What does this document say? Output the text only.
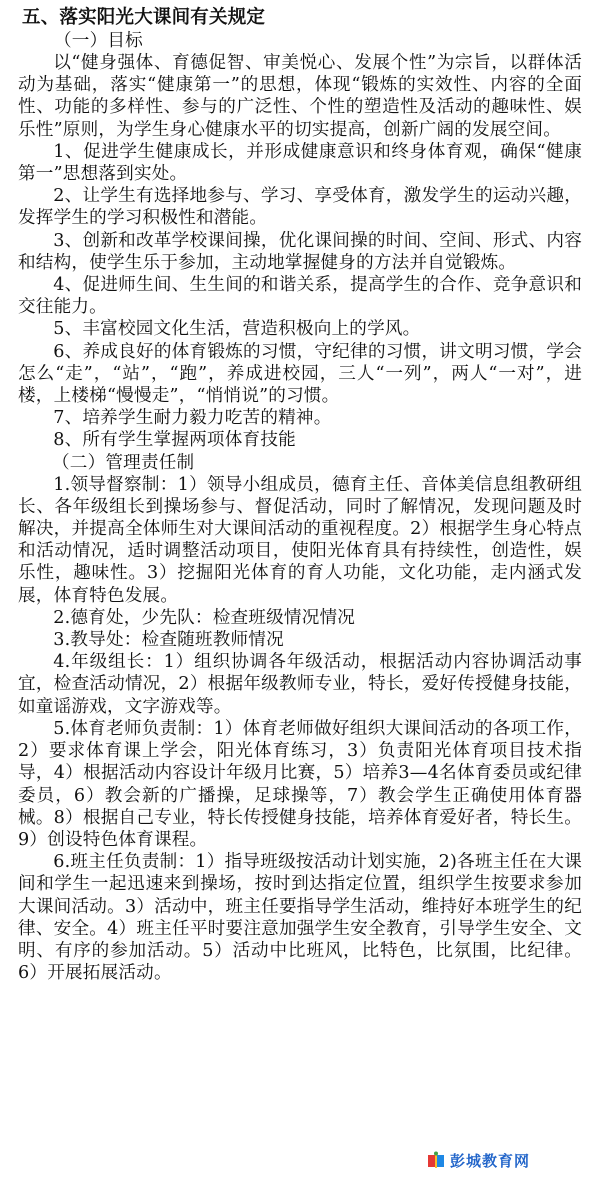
五、落实阳光大课间有关规定
（一）目标

以“健身强体、育德促智、审美悦心、发展个性”为宗旨，以群体活动为基础，落实“健康第一”的思想，体现“锻炼的实效性、内容的全面性、功能的多样性、参与的广泛性、个性的塑造性及活动的趣味性、娱乐性”原则，为学生身心健康水平的切实提高，创新广阔的发展空间。

1、促进学生健康成长，并形成健康意识和终身体育观，确保“健康第一”思想落到实处。

2、让学生有选择地参与、学习、享受体育，激发学生的运动兴趣，发挥学生的学习积极性和潜能。

3、创新和改革学校课间操，优化课间操的时间、空间、形式、内容和结构，使学生乐于参加，主动地掌握健身的方法并自觉锻炼。

4、促进师生间、生生间的和谐关系，提高学生的合作、竞争意识和交往能力。

5、丰富校园文化生活，营造积极向上的学风。

6、养成良好的体育锻炼的习惯，守纪律的习惯，讲文明习惯，学会怎么“走”，“站”，“跑”，养成进校园，三人“一列”，两人“一对”，进楼，上楼梯“慢慢走”，“悄悄说”的习惯。

7、培养学生耐力毅力吃苦的精神。

8、所有学生掌握两项体育技能

（二）管理责任制

1.领导督察制：1）领导小组成员，德育主任、音体美信息组教研组长、各年级组长到操场参与、督促活动，同时了解情况，发现问题及时解决，并提高全体师生对大课间活动的重视程度。2）根据学生身心特点和活动情况，适时调整活动项目，使阳光体育具有持续性，创造性，娱乐性，趣味性。3）挖掘阳光体育的育人功能，文化功能，走内涵式发展，体育特色发展。

2.德育处，少先队：检查班级情况情况

3.教导处：检查随班教师情况

4.年级组长：1）组织协调各年级活动，根据活动内容协调活动事宜，检查活动情况，2）根据年级教师专业，特长，爱好传授健身技能，如童谣游戏，文字游戏等。

5.体育老师负责制：1）体育老师做好组织大课间活动的各项工作，2）要求体育课上学会，阳光体育练习，3）负责阳光体育项目技术指导，4）根据活动内容设计年级月比赛，5）培养3—4名体育委员或纪律委员，6）教会新的广播操，足球操等，7）教会学生正确使用体育器械。8）根据自己专业，特长传授健身技能，培养体育爱好者，特长生。9）创设特色体育课程。

6.班主任负责制：1）指导班级按活动计划实施，2)各班主任在大课间和学生一起迅速来到操场，按时到达指定位置，组织学生按要求参加大课间活动。3）活动中，班主任要指导学生活动，维持好本班学生的纪律、安全。4）班主任平时要注意加强学生安全教育，引导学生安全、文明、有序的参加活动。5）活动中比班风，比特色，比氛围，比纪律。6）开展拓展活动。

彭城教育网
